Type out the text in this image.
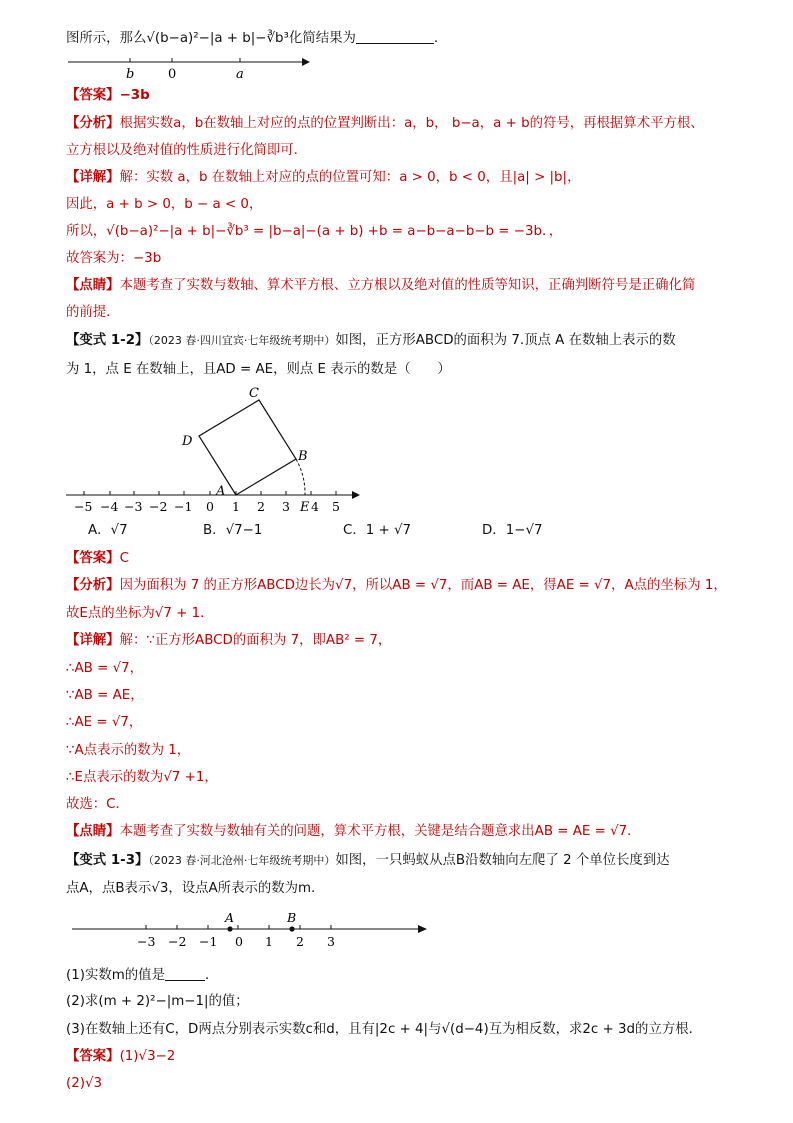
图所示，那么√(b−a)²−|a + b|−∛b³化简结果为	.
b	0	a
【答案】−3b
【分析】根据实数a，b在数轴上对应的点的位置判断出：a，b， b−a，a + b的符号，再根据算术平方根、
立方根以及绝对值的性质进行化简即可．
【详解】解：实数 a，b 在数轴上对应的点的位置可知：a > 0，b < 0，且|a| > |b|，
因此，a + b > 0，b − a < 0，
所以，√(b−a)²−|a + b|−∛b³ = |b−a|−(a + b) +b = a−b−a−b−b = −3b．，
故答案为：−3b
【点睛】本题考查了实数与数轴、算术平方根、立方根以及绝对值的性质等知识，正确判断符号是正确化简
的前提．
【变式 1-2】（2023 春·四川宜宾·七年级统考期中）如图，正方形ABCD的面积为 7.顶点 A 在数轴上表示的数
为 1，点 E 在数轴上，且AD = AE，则点 E 表示的数是（　　）
−5 −4 −3 −2 −1 0 1 2 3 4 5
A
B
C
D
E
A．√7	B．√7−1	C．1 + √7	D．1−√7
【答案】C
【分析】因为面积为 7 的正方形ABCD边长为√7，所以AB = √7，而AB = AE，得AE = √7，A点的坐标为 1，
故E点的坐标为√7 + 1．
【详解】解：∵正方形ABCD的面积为 7，即AB² = 7，
∴AB = √7，
∵AB = AE，
∴AE = √7，
∵A点表示的数为 1，
∴E点表示的数为√7 +1，
故选：C．
【点睛】本题考查了实数与数轴有关的问题，算术平方根，关键是结合题意求出AB = AE = √7．
【变式 1-3】（2023 春·河北沧州·七年级统考期中）如图，一只蚂蚁从点B沿数轴向左爬了 2 个单位长度到达
点A，点B表示√3，设点A所表示的数为m．
A	B
−3 −2 −1 0 1 2 3
(1)实数m的值是	．
(2)求(m + 2)²−|m−1|的值；
(3)在数轴上还有C，D两点分别表示实数c和d，且有|2c + 4|与√(d−4)互为相反数，求2c + 3d的立方根．
【答案】(1)√3−2
(2)√3
